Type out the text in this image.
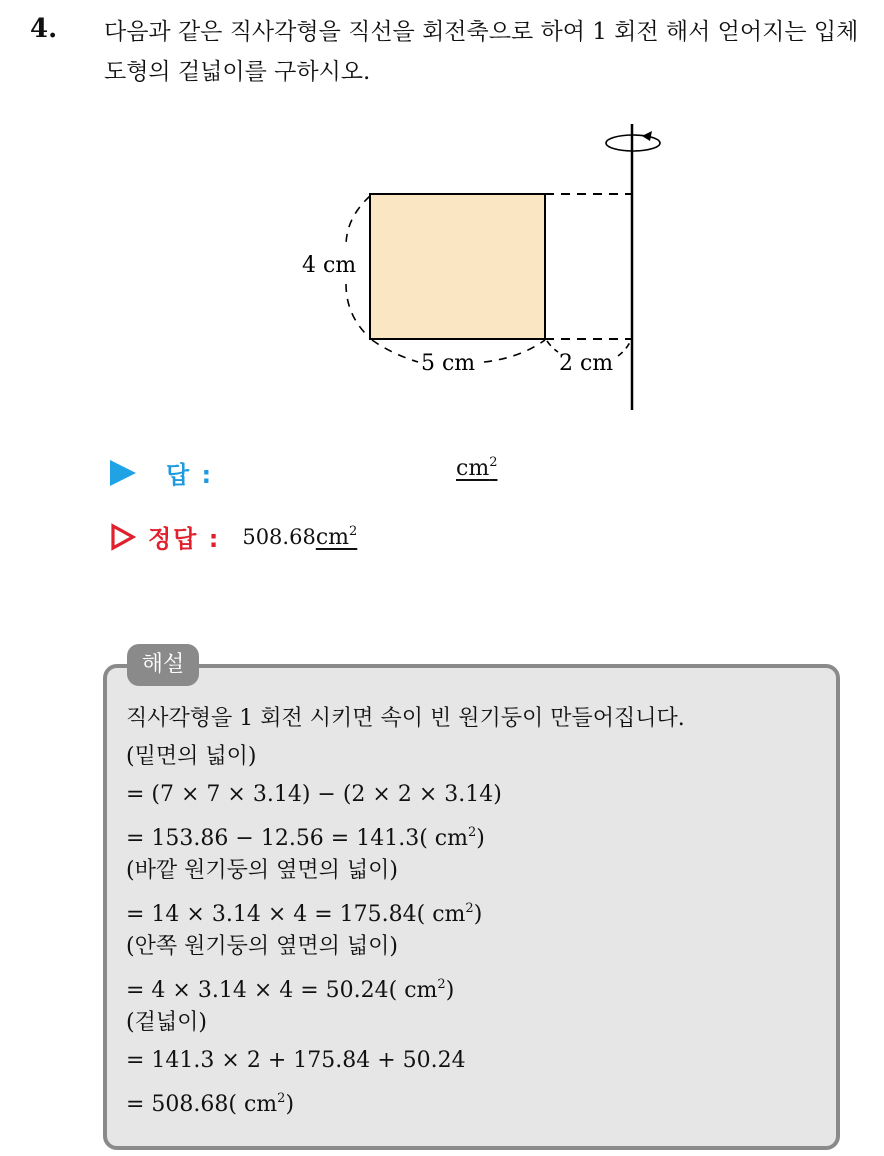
4. 다음과 같은 직사각형을 직선을 회전축으로 하여 1 회전 해서 얻어지는 입체도형의 겉넓이를 구하시오.
4 cm
5 cm	2 cm
답 :	$cm^2$
정답 : 508.68 $cm^2$
해설
직사각형을 1 회전 시키면 속이 빈 원기둥이 만들어집니다.
(밑면의 넓이)
= (7 × 7 × 3.14) − (2 × 2 × 3.14)
= 153.86 − 12.56 = 141.3( $cm^2$)
(바깥 원기둥의 옆면의 넓이)
= 14 × 3.14 × 4 = 175.84( $cm^2$)
(안쪽 원기둥의 옆면의 넓이)
= 4 × 3.14 × 4 = 50.24( $cm^2$)
(겉넓이)
= 141.3 × 2 + 175.84 + 50.24
= 508.68( $cm^2$)
